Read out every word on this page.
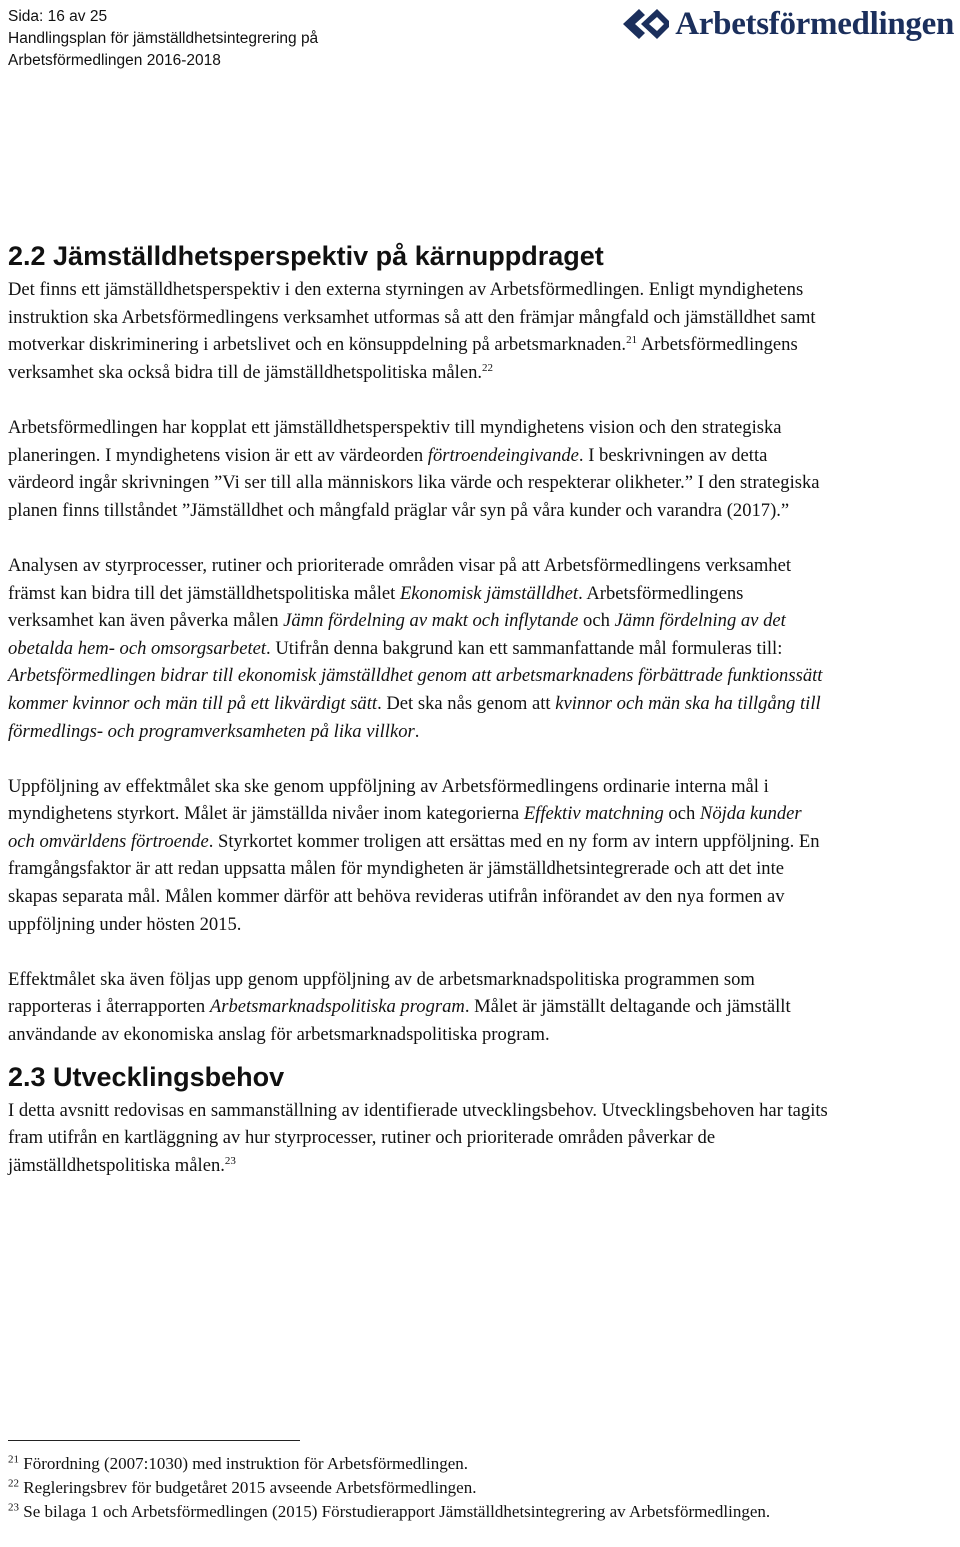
Sida: 16 av 25
Handlingsplan för jämställdhetsintegrering på
Arbetsförmedlingen 2016-2018
Arbetsförmedlingen
2.2 Jämställdhetsperspektiv på kärnuppdraget

Det finns ett jämställdhetsperspektiv i den externa styrningen av Arbetsförmedlingen. Enligt myndighetens instruktion ska Arbetsförmedlingens verksamhet utformas så att den främjar mångfald och jämställdhet samt motverkar diskriminering i arbetslivet och en könsuppdelning på arbetsmarknaden.$^{21}$ Arbetsförmedlingens verksamhet ska också bidra till de jämställdhetspolitiska målen.$^{22}$

Arbetsförmedlingen har kopplat ett jämställdhetsperspektiv till myndighetens vision och den strategiska planeringen. I myndighetens vision är ett av värdeorden förtroendeingivande. I beskrivningen av detta värdeord ingår skrivningen ”Vi ser till alla människors lika värde och respekterar olikheter.” I den strategiska planen finns tillståndet ”Jämställdhet och mångfald präglar vår syn på våra kunder och varandra (2017).”

Analysen av styrprocesser, rutiner och prioriterade områden visar på att Arbetsförmedlingens verksamhet främst kan bidra till det jämställdhetspolitiska målet Ekonomisk jämställdhet. Arbetsförmedlingens verksamhet kan även påverka målen Jämn fördelning av makt och inflytande och Jämn fördelning av det obetalda hem- och omsorgsarbetet. Utifrån denna bakgrund kan ett sammanfattande mål formuleras till: Arbetsförmedlingen bidrar till ekonomisk jämställdhet genom att arbetsmarknadens förbättrade funktionssätt kommer kvinnor och män till på ett likvärdigt sätt. Det ska nås genom att kvinnor och män ska ha tillgång till förmedlings- och programverksamheten på lika villkor.

Uppföljning av effektmålet ska ske genom uppföljning av Arbetsförmedlingens ordinarie interna mål i myndighetens styrkort. Målet är jämställda nivåer inom kategorierna Effektiv matchning och Nöjda kunder och omvärldens förtroende. Styrkortet kommer troligen att ersättas med en ny form av intern uppföljning. En framgångsfaktor är att redan uppsatta målen för myndigheten är jämställdhetsintegrerade och att det inte skapas separata mål. Målen kommer därför att behöva revideras utifrån införandet av den nya formen av uppföljning under hösten 2015.

Effektmålet ska även följas upp genom uppföljning av de arbetsmarknadspolitiska programmen som rapporteras i återrapporten Arbetsmarknadspolitiska program. Målet är jämställt deltagande och jämställt användande av ekonomiska anslag för arbetsmarknadspolitiska program.

2.3 Utvecklingsbehov

I detta avsnitt redovisas en sammanställning av identifierade utvecklingsbehov. Utvecklingsbehoven har tagits fram utifrån en kartläggning av hur styrprocesser, rutiner och prioriterade områden påverkar de jämställdhetspolitiska målen.$^{23}$

$^{21}$ Förordning (2007:1030) med instruktion för Arbetsförmedlingen.

$^{22}$ Regleringsbrev för budgetåret 2015 avseende Arbetsförmedlingen.

$^{23}$ Se bilaga 1 och Arbetsförmedlingen (2015) Förstudierapport Jämställdhetsintegrering av Arbetsförmedlingen.
